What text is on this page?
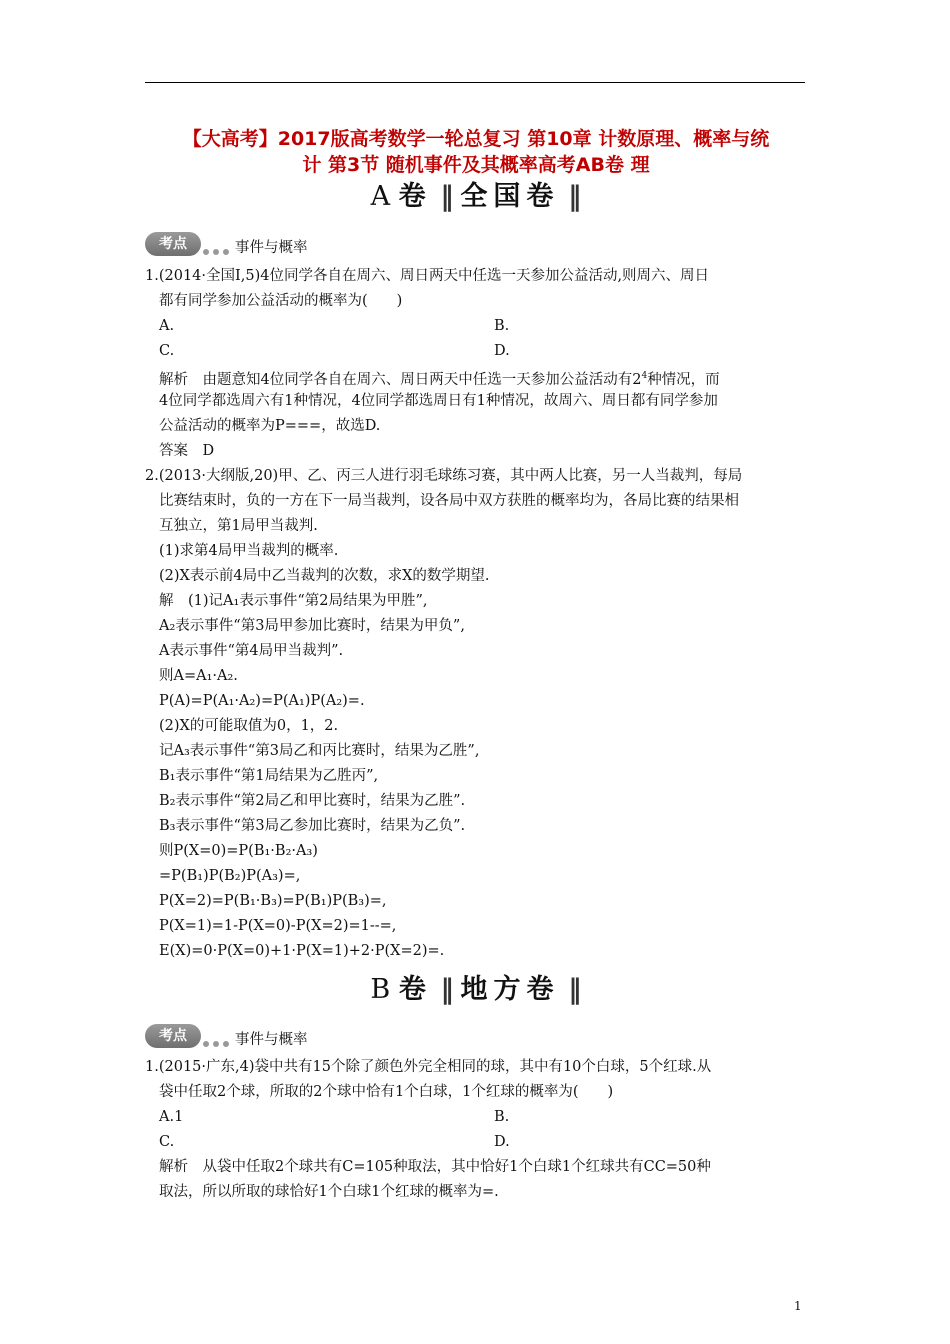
【大高考】2017版高考数学一轮总复习 第10章 计数原理、概率与统
计 第3节 随机事件及其概率高考AB卷 理
A 卷 ‖ 全国卷 ‖
考点	事件与概率
1.(2014·全国Ⅰ,5)4位同学各自在周六、周日两天中任选一天参加公益活动,则周六、周日
都有同学参加公益活动的概率为(　　)
A.	B.
C.	D.
解析　由题意知4位同学各自在周六、周日两天中任选一天参加公益活动有$2^4$种情况，而
4位同学都选周六有1种情况，4位同学都选周日有1种情况，故周六、周日都有同学参加
公益活动的概率为P===，故选D.
答案　D
2.(2013·大纲版,20)甲、乙、丙三人进行羽毛球练习赛，其中两人比赛，另一人当裁判，每局
比赛结束时，负的一方在下一局当裁判，设各局中双方获胜的概率均为，各局比赛的结果相
互独立，第1局甲当裁判.
(1)求第4局甲当裁判的概率.
(2)X表示前4局中乙当裁判的次数，求X的数学期望.
解　(1)记A₁表示事件“第2局结果为甲胜”,
A₂表示事件“第3局甲参加比赛时，结果为甲负”,
A表示事件“第4局甲当裁判”.
则A=A₁·A₂.
P(A)=P(A₁·A₂)=P(A₁)P(A₂)=.
(2)X的可能取值为0，1，2.
记A₃表示事件“第3局乙和丙比赛时，结果为乙胜”,
B₁表示事件“第1局结果为乙胜丙”,
B₂表示事件“第2局乙和甲比赛时，结果为乙胜”.
B₃表示事件“第3局乙参加比赛时，结果为乙负”.
则P(X=0)=P(B₁·B₂·A₃)
=P(B₁)P(B₂)P(A₃)=,
P(X=2)=P(B₁·B₃)=P(B₁)P(B₃)=,
P(X=1)=1-P(X=0)-P(X=2)=1--=,
E(X)=0·P(X=0)+1·P(X=1)+2·P(X=2)=.
B 卷 ‖ 地方卷 ‖
考点	事件与概率
1.(2015·广东,4)袋中共有15个除了颜色外完全相同的球，其中有10个白球，5个红球.从
袋中任取2个球，所取的2个球中恰有1个白球，1个红球的概率为(　　)
A.1	B.
C.	D.
解析　从袋中任取2个球共有C=105种取法，其中恰好1个白球1个红球共有CC=50种
取法，所以所取的球恰好1个白球1个红球的概率为=.
1
